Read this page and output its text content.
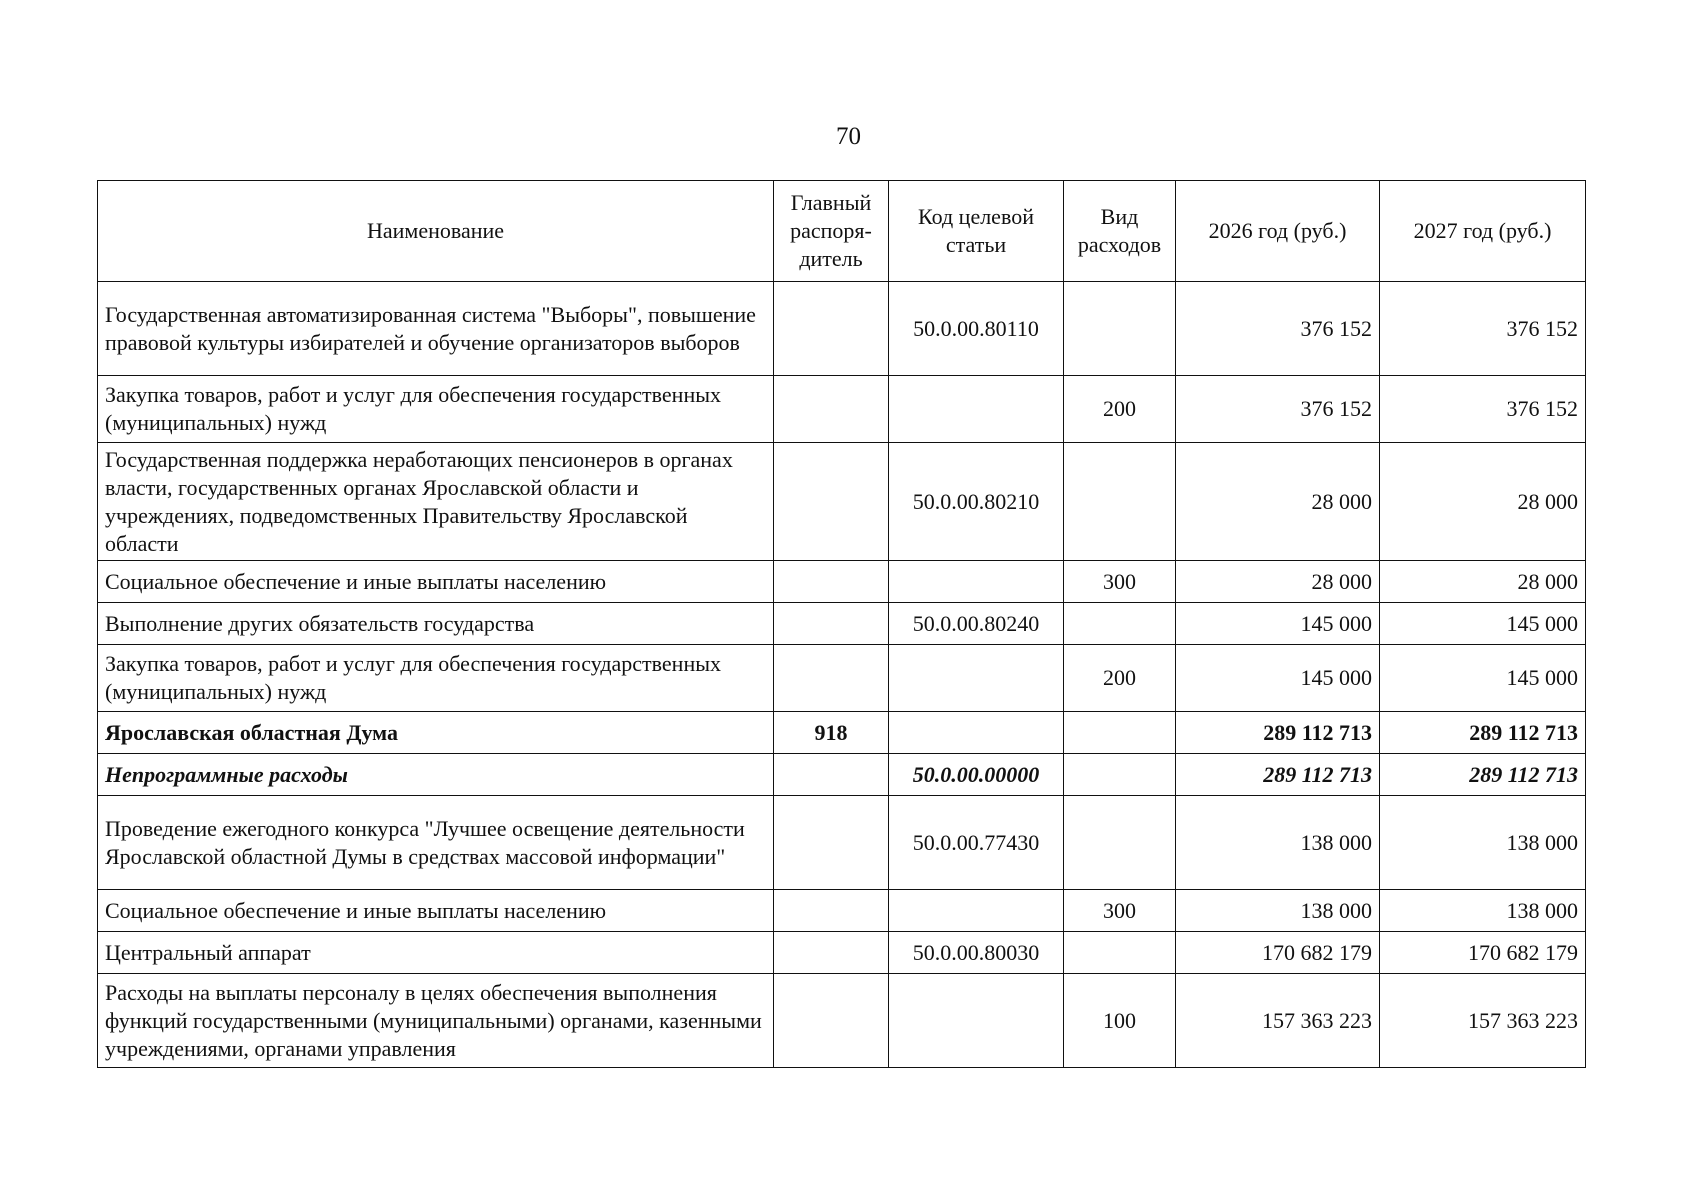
70
Наименование	Главный распоря-дитель	Код целевой статьи	Вид расходов	2026 год (руб.)	2027 год (руб.)
Государственная автоматизированная система "Выборы", повышение правовой культуры избирателей и обучение организаторов выборов		50.0.00.80110		376 152	376 152
Закупка товаров, работ и услуг для обеспечения государственных (муниципальных) нужд			200	376 152	376 152
Государственная поддержка неработающих пенсионеров в органах власти, государственных органах Ярославской области и учреждениях, подведомственных Правительству Ярославской области		50.0.00.80210		28 000	28 000
Социальное обеспечение и иные выплаты населению			300	28 000	28 000
Выполнение других обязательств государства		50.0.00.80240		145 000	145 000
Закупка товаров, работ и услуг для обеспечения государственных (муниципальных) нужд			200	145 000	145 000
Ярославская областная Дума	918			289 112 713	289 112 713
Непрограммные расходы		50.0.00.00000		289 112 713	289 112 713
Проведение ежегодного конкурса "Лучшее освещение деятельности Ярославской областной Думы в средствах массовой информации"		50.0.00.77430		138 000	138 000
Социальное обеспечение и иные выплаты населению			300	138 000	138 000
Центральный аппарат		50.0.00.80030		170 682 179	170 682 179
Расходы на выплаты персоналу в целях обеспечения выполнения функций государственными (муниципальными) органами, казенными учреждениями, органами управления			100	157 363 223	157 363 223
